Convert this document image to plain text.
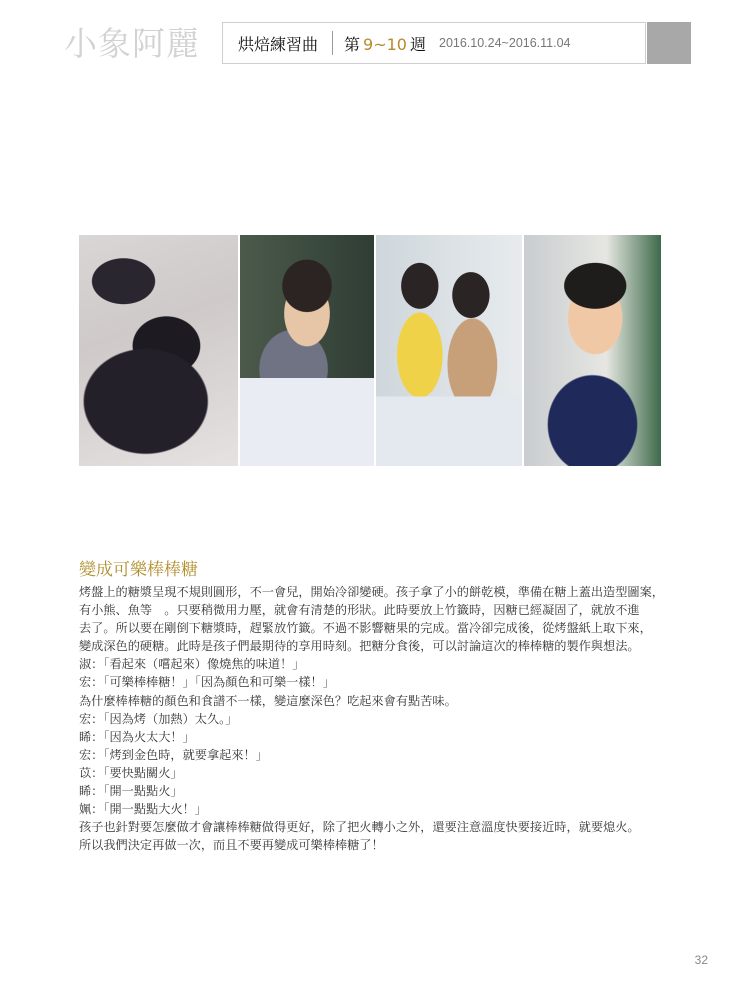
小象阿麗 烘焙練習曲 第 9~10 週 2016.10.24~2016.11.04
變成可樂棒棒糖

烤盤上的糖漿呈現不規則圓形，不一會兒，開始冷卻變硬。孩子拿了小的餅乾模，準備在糖上蓋出造型圖案，

有小熊、魚等　。只要稍微用力壓，就會有清楚的形狀。此時要放上竹籤時，因糖已經凝固了，就放不進

去了。所以要在剛倒下糖漿時，趕緊放竹籤。不過不影響糖果的完成。當冷卻完成後，從烤盤紙上取下來，

變成深色的硬糖。此時是孩子們最期待的享用時刻。把糖分食後，可以討論這次的棒棒糖的製作與想法。

淑：「看起來（嚐起來）像燒焦的味道！」

宏：「可樂棒棒糖！」「因為顏色和可樂一樣！」

為什麼棒棒糖的顏色和食譜不一樣，變這麼深色？吃起來會有點苦味。

宏：「因為烤（加熱）太久。」

睎：「因為火太大！」

宏：「烤到金色時，就要拿起來！」

苡：「要快點關火」

睎：「開一點點火」

姵：「開一點點大火！」

孩子也針對要怎麼做才會讓棒棒糖做得更好，除了把火轉小之外，還要注意溫度快要接近時，就要熄火。

所以我們決定再做一次，而且不要再變成可樂棒棒糖了！

32
